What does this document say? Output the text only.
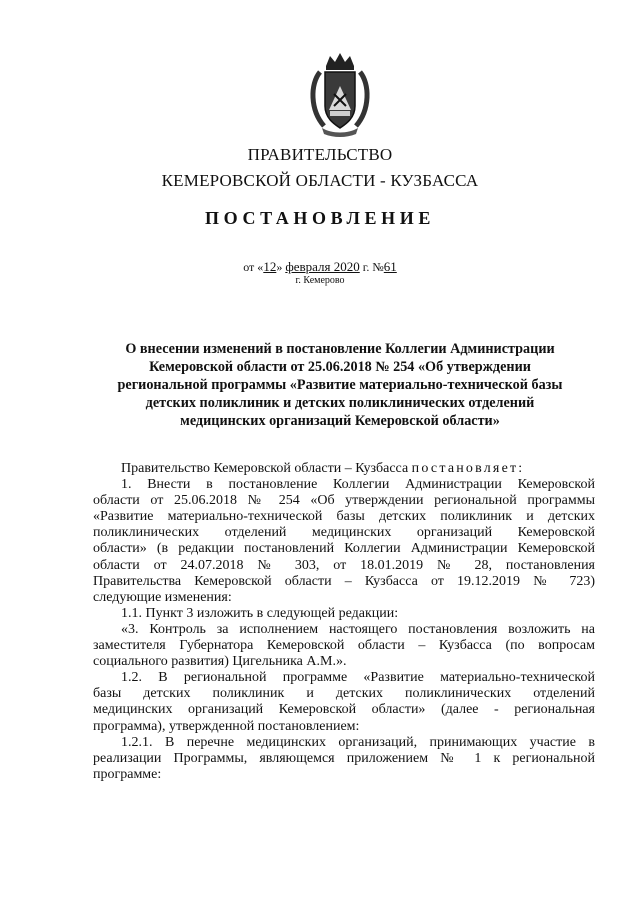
ПРАВИТЕЛЬСТВО
КЕМЕРОВСКОЙ ОБЛАСТИ - КУЗБАССА
ПОСТАНОВЛЕНИЕ
от «12» февраля 2020 г. №61
г. Кемерово
О внесении изменений в постановление Коллегии Администрации
Кемеровской области от 25.06.2018 № 254 «Об утверждении
региональной программы «Развитие материально-технической базы
детских поликлиник и детских поликлинических отделений
медицинских организаций Кемеровской области»
Правительство Кемеровской области – Кузбасса постановляет:
1. Внести в постановление Коллегии Администрации Кемеровской
области от 25.06.2018 № 254 «Об утверждении региональной программы
«Развитие материально-технической базы детских поликлиник и детских
поликлинических отделений медицинских организаций Кемеровской
области» (в редакции постановлений Коллегии Администрации Кемеровской
области от 24.07.2018 № 303, от 18.01.2019 № 28, постановления
Правительства Кемеровской области – Кузбасса от 19.12.2019 № 723)
следующие изменения:
1.1. Пункт 3 изложить в следующей редакции:
«3. Контроль за исполнением настоящего постановления возложить на
заместителя Губернатора Кемеровской области – Кузбасса (по вопросам
социального развития) Цигельника А.М.».
1.2. В региональной программе «Развитие материально-технической
базы детских поликлиник и детских поликлинических отделений
медицинских организаций Кемеровской области» (далее - региональная
программа), утвержденной постановлением:
1.2.1. В перечне медицинских организаций, принимающих участие в
реализации Программы, являющемся приложением № 1 к региональной
программе:
